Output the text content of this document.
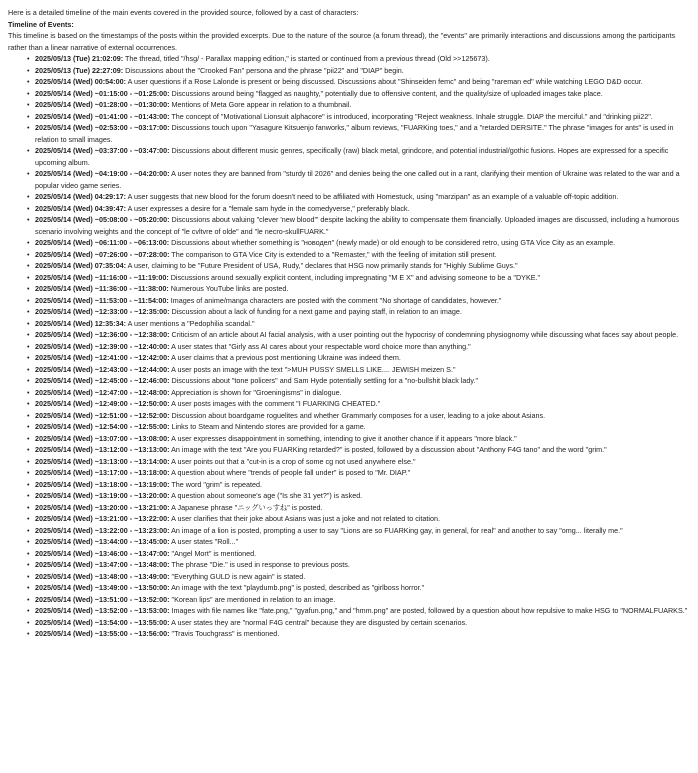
Here is a detailed timeline of the main events covered in the provided source, followed by a cast of characters:

Timeline of Events:

This timeline is based on the timestamps of the posts within the provided excerpts. Due to the nature of the source (a forum thread), the "events" are primarily interactions and discussions among the participants rather than a linear narrative of external occurrences.

• 2025/05/13 (Tue) 21:02:09: The thread, titled "/hsg/ - Parallax mapping edition," is started or continued from a previous thread (Old >>125673).
• 2025/05/13 (Tue) 22:27:09: Discussions about the "Crooked Fan" persona and the phrase "pii22" and "DIAP" begin.
• 2025/05/14 (Wed) 00:54:00: A user questions if a Rose Lalonde is present or being discussed. Discussions about "Shinseiden femc" and being "rareman ed" while watching LEGO D&D occur.
• 2025/05/14 (Wed) ~01:15:00 - ~01:25:00: Discussions around being "flagged as naughty," potentially due to offensive content, and the quality/size of uploaded images take place.
• 2025/05/14 (Wed) ~01:28:00 - ~01:30:00: Mentions of Meta Gore appear in relation to a thumbnail.
• 2025/05/14 (Wed) ~01:41:00 - ~01:43:00: The concept of "Motivational Lionsuit alphacore" is introduced, incorporating "Reject weakness. Inhale struggle. DIAP the merciful." and "drinking pii22".
• 2025/05/14 (Wed) ~02:53:00 - ~03:17:00: Discussions touch upon "Yasagure Kitsuenjo fanworks," album reviews, "FUARKing toes," and a "retarded DERSITE." The phrase "images for ants" is used in relation to small images.
• 2025/05/14 (Wed) ~03:37:00 - ~03:47:00: Discussions about different music genres, specifically (raw) black metal, grindcore, and potential industrial/gothic fusions. Hopes are expressed for a specific upcoming album.
• 2025/05/14 (Wed) ~04:19:00 - ~04:20:00: A user notes they are banned from "sturdy til 2026" and denies being the one called out in a rant, clarifying their mention of Ukraine was related to the war and a popular video game series.
• 2025/05/14 (Wed) 04:29:17: A user suggests that new blood for the forum doesn't need to be affiliated with Homestuck, using "marzipan" as an example of a valuable off-topic addition.
• 2025/05/14 (Wed) 04:39:47: A user expresses a desire for a "female sam hyde in the comedyverse," preferably black.
• 2025/05/14 (Wed) ~05:08:00 - ~05:20:00: Discussions about valuing "clever 'new blood'" despite lacking the ability to compensate them financially. Uploaded images are discussed, including a humorous scenario involving weights and the concept of "le cvltvre of olde" and "le necro-skullFUARK."
• 2025/05/14 (Wed) ~06:11:00 - ~06:13:00: Discussions about whether something is "новодел" (newly made) or old enough to be considered retro, using GTA Vice City as an example.
• 2025/05/14 (Wed) ~07:26:00 - ~07:28:00: The comparison to GTA Vice City is extended to a "Remaster," with the feeling of imitation still present.
• 2025/05/14 (Wed) 07:35:04: A user, claiming to be "Future President of USA, Rudy," declares that HSG now primarily stands for "Highly Sublime Guys."
• 2025/05/14 (Wed) ~11:16:00 - ~11:19:00: Discussions around sexually explicit content, including impregnating "M E X" and advising someone to be a "DYKE."
• 2025/05/14 (Wed) ~11:36:00 - ~11:38:00: Numerous YouTube links are posted.
• 2025/05/14 (Wed) ~11:53:00 - ~11:54:00: Images of anime/manga characters are posted with the comment "No shortage of candidates, however."
• 2025/05/14 (Wed) ~12:33:00 - ~12:35:00: Discussion about a lack of funding for a next game and paying staff, in relation to an image.
• 2025/05/14 (Wed) 12:35:34: A user mentions a "Pedophilia scandal."
• 2025/05/14 (Wed) ~12:36:00 - ~12:38:00: Criticism of an article about AI facial analysis, with a user pointing out the hypocrisy of condemning physiognomy while discussing what faces say about people.
• 2025/05/14 (Wed) ~12:39:00 - ~12:40:00: A user states that "Girly ass AI cares about your respectable word choice more than anything."
• 2025/05/14 (Wed) ~12:41:00 - ~12:42:00: A user claims that a previous post mentioning Ukraine was indeed them.
• 2025/05/14 (Wed) ~12:43:00 - ~12:44:00: A user posts an image with the text ">MUH PUSSY SMELLS LIKE.... JEWISH meizen S."
• 2025/05/14 (Wed) ~12:45:00 - ~12:46:00: Discussions about "tone policers" and Sam Hyde potentially settling for a "no-bullshit black lady."
• 2025/05/14 (Wed) ~12:47:00 - ~12:48:00: Appreciation is shown for "Groeningisms" in dialogue.
• 2025/05/14 (Wed) ~12:49:00 - ~12:50:00: A user posts images with the comment "I FUARKING CHEATED."
• 2025/05/14 (Wed) ~12:51:00 - ~12:52:00: Discussion about boardgame roguelites and whether Grammarly composes for a user, leading to a joke about Asians.
• 2025/05/14 (Wed) ~12:54:00 - ~12:55:00: Links to Steam and Nintendo stores are provided for a game.
• 2025/05/14 (Wed) ~13:07:00 - ~13:08:00: A user expresses disappointment in something, intending to give it another chance if it appears "more black."
• 2025/05/14 (Wed) ~13:12:00 - ~13:13:00: An image with the text "Are you FUARKing retarded?" is posted, followed by a discussion about "Anthony F4G tano" and the word "grim."
• 2025/05/14 (Wed) ~13:13:00 - ~13:14:00: A user points out that a "cut-in is a crop of some cg not used anywhere else."
• 2025/05/14 (Wed) ~13:17:00 - ~13:18:00: A question about where "trends of people fall under" is posed to "Mr. DIAP."
• 2025/05/14 (Wed) ~13:18:00 - ~13:19:00: The word "grim" is repeated.
• 2025/05/14 (Wed) ~13:19:00 - ~13:20:00: A question about someone's age ("Is she 31 yet?") is asked.
• 2025/05/14 (Wed) ~13:20:00 - ~13:21:00: A Japanese phrase "ニッグいっすね" is posted.
• 2025/05/14 (Wed) ~13:21:00 - ~13:22:00: A user clarifies that their joke about Asians was just a joke and not related to citation.
• 2025/05/14 (Wed) ~13:22:00 - ~13:23:00: An image of a lion is posted, prompting a user to say "Lions are so FUARKing gay, in general, for real" and another to say "omg... literally me."
• 2025/05/14 (Wed) ~13:44:00 - ~13:45:00: A user states "Roll..."
• 2025/05/14 (Wed) ~13:46:00 - ~13:47:00: "Angel Mort" is mentioned.
• 2025/05/14 (Wed) ~13:47:00 - ~13:48:00: The phrase "Die." is used in response to previous posts.
• 2025/05/14 (Wed) ~13:48:00 - ~13:49:00: "Everything GULD is new again" is stated.
• 2025/05/14 (Wed) ~13:49:00 - ~13:50:00: An image with the text "playdumb.png" is posted, described as "girlboss horror."
• 2025/05/14 (Wed) ~13:51:00 - ~13:52:00: "Korean lips" are mentioned in relation to an image.
• 2025/05/14 (Wed) ~13:52:00 - ~13:53:00: Images with file names like "fate.png," "gyafun.png," and "hmm.png" are posted, followed by a question about how repulsive to make HSG to "NORMALFUARKS."
• 2025/05/14 (Wed) ~13:54:00 - ~13:55:00: A user states they are "normal F4G central" because they are disgusted by certain scenarios.
• 2025/05/14 (Wed) ~13:55:00 - ~13:56:00: "Travis Touchgrass" is mentioned.
